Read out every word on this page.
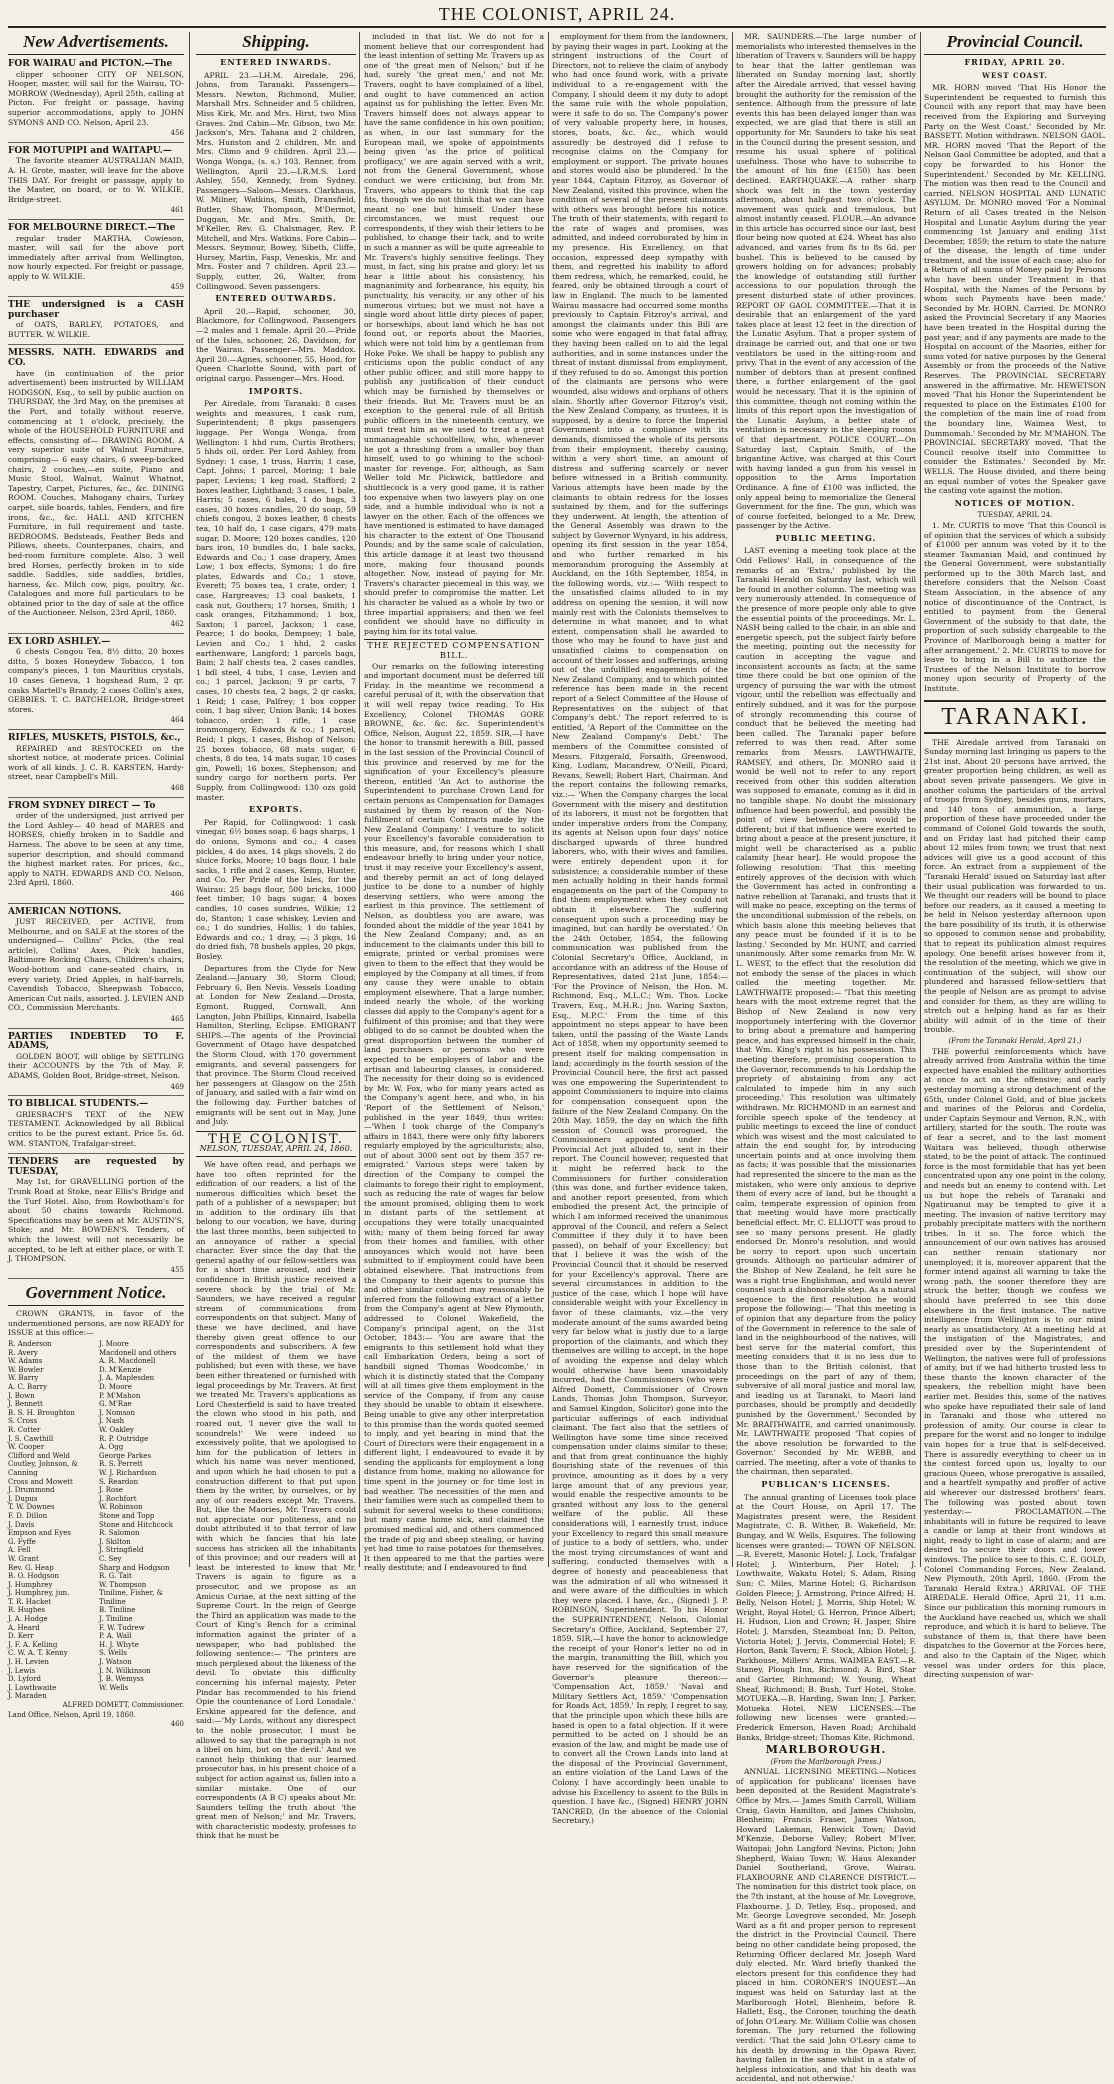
THE COLONIST, APRIL 24.
New Advertisements.
FOR WAIRAU and PICTON.—The

clipper schooner CITY OF NELSON, Hooper, master, will sail for the Wairau, TO-MORROW (Wednesday), April 25th, calling at Picton. For freight or passage, having superior accommodations, apply to JOHN SYMONS AND CO. Nelson, April 23.

456
FOR MOTUPIPI and WAITAPU.—

The favorite steamer AUSTRALIAN MAID, A. H. Grote, master, will leave for the above THIS DAY. For freight or passage, apply to the Master, on board, or to W. WILKIE, Bridge-street.

461
FOR MELBOURNE DIRECT.—The

regular trader MARTHA, Cowieson, master, will sail for the above port immediately after arrival from Wellington, now hourly expected. For freight or passage, apply to W. WILKIE.

459
THE undersigned is a CASH purchaser

of OATS, BARLEY, POTATOES, and BUTTER. W. WILKIE.

MESSRS. NATH. EDWARDS and CO.

have (in continuation of the prior advertisement) been instructed by WILLIAM HODGSON, Esq., to sell by public auction on THURSDAY, the 3rd May, on the premises at the Port, and totally without reserve, commencing at 1 o'clock, precisely, the whole of the HOUSEHOLD FURNITURE and effects, consisting of— DRAWING ROOM. A very superior suite of Walnut Furniture, comprising— 6 easy chairs, 6 sweep-backed chairs, 2 couches,—en suite, Piano and Music Stool, Walnut, Walnut Whatnot, Tapestry, Carpet, Pictures, &c., &c. DINING ROOM. Couches, Mahogany chairs, Turkey carpet, side boards, tables, Fenders, and fire irons, &c., &c. HALL AND KITCHEN Furniture, in full requirement and taste. BEDROOMS. Bedsteads, Feather Beds and Pillows, sheets, Counterpanes, chairs, and bed-room furniture complete. Also, 3 well bred Horses, perfectly broken in to side saddle. Saddles, side saddles, bridles, harness, &c. Milch cow, pigs, poultry, &c. Catalogues and more full particulars to be obtained prior to the day of sale at the office of the Auctioneer. Nelson, 23rd April, 1860.

462
EX LORD ASHLEY.—

6 chests Congou Tea, 8½ ditto, 20 boxes ditto, 5 boxes Honeydew Tobacco, 1 ton company's pieces, 1 ton Mauritius crystals, 10 cases Geneva, 1 hogshead Rum, 2 qr. casks Martell's Brandy, 2 cases Collin's axes, GEBBIES. T. C. BATCHELOR, Bridge-street stores.

464
RIFLES, MUSKETS, PISTOLS, &c.,

REPAIRED and RESTOCKED on the shortest notice, at moderate prices. Colinial work of all kinds. J. C. R. KARSTEN, Hardy-street, near Campbell's Mill.

468
FROM SYDNEY DIRECT — To

order of the undersigned, just arrived per the Lord Ashley— 40 head of MARES and HORSES, chiefly broken in to Saddle and Harness. The above to be seen at any time, superior description, and should command the highest market rates. For prices, &c., apply to NATH. EDWARDS AND CO. Nelson, 23rd April, 1860.

466
AMERICAN NOTIONS.

JUST RECEIVED, per ACTIVE, from Melbourne, and on SALE at the stores of the undersigned— Collins' Picks, (the real article), Collins' Axes, Pick handles, Baltimore Rocking Chairs, Children's chairs, Wood-bottom and cane-seated chairs, in every variety, Dried Apples, in half-barrels, Cavendish Tobacco, Sheepwash Tobacco, American Cut nails, assorted. J. LEVIEN AND CO., Commission Merchants.

465
PARTIES INDEBTED TO F. ADAMS,

GOLDEN BOOT, will oblige by SETTLING their ACCOUNTS by the 7th of May. F. ADAMS, Golden Boot, Bridge-street, Nelson.

469
TO BIBLICAL STUDENTS.—

GRIESBACH'S TEXT of the NEW TESTAMENT. Acknowledged by all Biblical critics to be the purest extant. Price 5s. 6d. WM. STANTON, Trafalgar-street.

TENDERS are requested by TUESDAY,

May 1st, for GRAVELLING portion of the Trunk Road at Stoke, near Ellis's Bridge and the Turf Hotel. Also, from Rowbotham's for about 50 chains towards Richmond. Specifications may be seen at Mr. AUSTIN'S, Stoke; and Mr. BOWDEN'S. Tenders, of which the lowest will not necessarily be accepted, to be left at either place, or with T. J. THOMPSON.

455
Government Notice.

CROWN GRANTS, in favor of the undermentioned persons, are now READY for ISSUE at this office:—

R. Anderson
R. Avery
W. Adams
W. Bowler
W. Barry
A. C. Barry
J. Bown
J. Bennett
B. S. H. Broughton
S. Cross
R. Cotter
J. S. Cawthill
W. Cooper
Clifford and Weld
Coutley, Johnson, & Canning
Cross and Mowett
J. Drummond
J. Dupus
T. W. Downes
F. D. Dillon
J. Davis
Empson and Eyes
G. Fyffe
A. Fell
W. Grant
Rev. G. Heap
B. O. Hodgson
J. Humphrey
J. Humphrey, jun.
T. R. Hacket
R. Hughes
J. A. Hodge
A. Heard
D. Kerr
J. F. A. Kelling
C. W. A. T. Kenny
J. H. Levien
J. Lewis
D. Lyford
J. Lowthwaite
J. Maraden
J. Moore
Macdonell and others
A. R. Macdonell
D. M'Kenzie
J. A. Maplesden
D. Moore
P. M'Mahon
G. M'Rae
J. Nomson
J. Nash
W. Oakley
R. P. Outridge
A. Ogg
George Parkes
R. S. Perrett
W. J. Richardson
S. Reardon
J. Rose
J. Rochfort
W. Robinson
Stone and Topp
Stone and Hitchcock
R. Salomon
J. Skilton
J. Stringfield
C. Sey
Sharp and Hodgson
R. G. Tait
W. Thompson
Tiniline, Fisher, & Tiniline
B. Tiniline
J. Tiniline
F. W. Tudrew
P. A. Wall
H. J. Whyte
S. Wells
J. Watson
J. N. Wilkinson
J. B. Wemyss
W. Wells
ALFRED DOMETT, Commissioner.
Land Office, Nelson, April 19, 1860.
460
Shipping.
ENTERED INWARDS.

APRIL 23.—LH.M. Airedale, 296, Johns, from Taranaki. Passengers—Messrs. Newton, Richmond, Mulier, Marshall Mrs. Schneider and 5 children, Miss Kirk, Mr. and Mrs. Hirst, two Miss Graves. 2nd Cabin—Mr. Gibson, two Mr. Jackson's, Mrs. Tahana and 2 children, Mrs. Hunston and 2 children, Mr. and Mrs. Climo and 9 children. April 23.—Wonga Wonga, (s. s.) 103, Renner, from Wellington. April 23.—I.R.M.S. Lord Ashley, 550, Kennedy, from Sydney. Passengers—Saloon—Messrs. Clarkhaus, W. Milner, Watkins, Smith, Dransfield, Butler, Shaw, Thompson, M'Dermot, Duggan, Mr. and Mrs. Smith, Dr. M'Keller, Rev. G. Chalsmager, Rev. P. Mitchell, and Mrs. Watkins. Fore Cabin—Messrs. Seymour, Bowey, Sibeth, Cliffe, Hursey, Martin, Fasp, Veneskis, Mr. and Mrs. Foster and 7 children. April 23.—Supply, cutter, 26, Walter, from Collingwood. Seven passengers.

ENTERED OUTWARDS.

April 20.—Rapid, schooner, 30, Blackmore, for Collingwood. Passengers—2 males and 1 female. April 20.—Pride of the Isles, schooner, 26, Davidson, for the Wairau. Passenger—Mrs. Maddox. April 20.—Agnes, schooner, 55, Hood, for Queen Charlotte Sound, with part of original cargo. Passenger—Mrs. Hood.

IMPORTS.

Per Airedale, from Taranaki: 8 cases weights and measures, 1 cask rum, Superintendent; 8 pkgs passengers luggage. Per Wonga Wonga, from Wellington: 1 hhd rum, Curtis Brothers; 5 hhds oil, order. Per Lord Ashley, from Sydney: 1 case, 1 truss, Harris; 1 case, Capt. Johns; 1 parcel, Moring; 1 bale paper, Leviens; 1 keg road, Stafford; 2 boxes leather, Lightband; 3 cases, 1 bale, Harris; 5 cases, 6 bales, 1 do bags, 3 cases, 30 boxes candles, 20 do soap, 59 chiefs congou, 2 boxes leather, 8 chests tea, 10 half do, 1 case cigars, 479 mats sugar, D. Moore; 120 boxes candles, 120 bars iron, 10 bundles do, 1 bale sacks, Edwards and Co.; 1 case drapery, Ames Low; 1 box effects, Symons; 1 do fire plates, Edwards and Co.; 1 stove, Everett; 75 boxes tea, 1 crate, order; 1 case, Hargreaves; 13 coal baskets, 1 cask nut, Gouthers; 17 horses, Smith; 1 cask oranges, Fitzhammond; 1 box, Saxton; 1 parcel, Jackson; 1 case, Pearce; 1 do books, Dempsey; 1 bale, Levien and Co.; 1 hhd, 2 casks earthenware, Langford; 1 parcels bags, Bain; 2 half chests tea, 2 cases candles, 1 bdl steel, 4 tubs, 1 case, Levien and co.; 1 parcel, Jackson; 9 pr carts, 7 cases, 10 chests tea, 2 bags, 2 qr casks, 1 Reid; 1 case, Palfrey; 1 box copper coin, 1 bag silver, Union Bank; 14 boxes tobacco, order; 1 rifle, 1 case ironmongery, Edwards & co.; 1 parcel, Reid; 1 pkgs, 1 cases, Bishop of Nelson; 25 boxes tobacco, 68 mats sugar, 6 chests, 8 do tea, 14 mats sugar, 10 cases gin, Powell; 16 boxes, Stephenson; and sundry cargo for northern ports. Per Supply, from Collingwood: 130 ozs gold master.

EXPORTS.

Per Rapid, for Collingwood: 1 cask vinegar, 6½ boxes soap, 6 bags sharps, 1 do onions, Symons and co.; 4 cases pickles, 4 do axes, 14 pkgs shovels, 2 do sluice forks, Moore; 10 bags flour, 1 bale sacks, 1 rifle and 2 cases, Kemp, Hunter, and Co. Per Pride of the Isles, for the Wairau: 25 bags flour, 500 bricks, 1000 feet timber, 10 bags sugar, 4 boxes candles, 10 cases sundries, Wilkie; 12 do, Stanton; 1 case whiskey, Levien and co.; 1 do sundries, Hollis; 1 do tables, Edwards and co.; 1 dray, —; 3 pkgs, 16 do dried fish, 78 bushels apples, 20 pkgs, Bosley.

Departures from the Clyde for New Zealand.—January 30, Storm Cloud; February 6, Ben Nevis. Vessels Loading at London for New Zealand.—Drosta, Egmont, Rugged, Cornwall, Ann Langton, John Phillips, Kinnaird, Isabella Hamilton, Sterling, Eclipse. EMIGRANT SHIPS.—The agents of the Provincial Government of Otago have despatched the Storm Cloud, with 170 government emigrants, and several passengers for that province. The Storm Cloud received her passengers at Glasgow on the 25th of January, and sailed with a fair wind on the following day. Further batches of emigrants will be sent out in May, June and July.

THE COLONIST.
NELSON, TUESDAY, APRIL 24, 1860.

We have often read, and perhaps we have too often reprinted for the edification of our readers, a list of the numerous difficulties which beset the path of a publisher of a newspaper; but in addition to the ordinary ills that belong to our vocation, we have, during the last three months, been subjected to an annoyance of rather a special character. Ever since the day that the general apathy of our fellow-settlers was for a short time aroused, and their confidence in British justice received a severe shock by the trial of Mr. Saunders, we have received a regular stream of communications from correspondents on that subject. Many of these we have declined, and have thereby given great offence to our correspondents and subscribers. A few of the mildest of them we have published; but even with these, we have been either threatened or furnished with legal proceedings by Mr. Travers. At first we treated Mr. Travers's applications as Lord Chesterfield is said to have treated the clown who stood in his path, and roared out, 'I never give the wall to scoundrels!' We were indeed so excessively polite, that we apologised to him for the publication of letters in which his name was never mentioned, and upon which he had chosen to put a construction different to that put upon them by the writer, by ourselves, or by any of our readers except Mr. Travers. But, like the Maories, Mr. Travers could not appreciate our politeness, and no doubt attributed it to that terror of law with which he fancies that his late success has stricken all the inhabitants of this province; and our readers will at least be interested to know that Mr. Travers is again to figure as a prosecutor, and we propose as an Amicus Curiae, at the next sitting of the Supreme Court. In the reign of George the Third an application was made to the Court of King's Bench for a criminal information against the printer of a newspaper, who had published the following sentence:— 'The printers are much perplexed about the likeness of the devil. To obviate this difficulty concerning his infernal majesty, Peter Pindar has recommended to his friend Opie the countenance of Lord Lonsdale.' Erskine appeared for the defence, and said:—'My Lords, without any disrespect to the noble prosecutor, I must be allowed to say that the paragraph is not a libel on him, but on the devil.' And we cannot help thinking that our learned prosecutor has, in his present choice of a subject for action against us, fallen into a similar mistake. One of our correspondents (A B C) speaks about Mr. Saunders telling the truth about 'the great men of Nelson;' and Mr. Travers, with characteristic modesty, professes to think that he must be

included in that list. We do not for a moment believe that our correspondent had the least intention of setting Mr. Travers up as one of 'the great men of Nelson;' but if he had, surely 'the great men,' and not Mr. Travers, ought to have complained of a libel, and ought to have commenced an action against us for publishing the letter. Even Mr. Travers himself does not always appear to have the same confidence in his own position; as when, in our last summary for the European mail, we spoke of appointments being given 'as the price of political profligacy,' we are again served with a writ, not from the General Government, whose conduct we were criticising, but from Mr. Travers, who appears to think that the cap fits, though we do not think that we can have meant no one but himself. Under these circumstances, we must request our correspondents, if they wish their letters to be published, to change their tack, and to write in such a manner as will be quite agreeable to Mr. Travers's highly sensitive feelings. They must, in fact, sing his praise and glory: let us hear a little about his consistency, his magnanimity and forbearance, his equity, his punctuality, his veracity, or any other of his numerous virtues; but we must not have a single word about little dirty pieces of paper, or horsewhips, about land which he has not found out, or reports about the Maories, which were not told him by a gentleman from Hoke Poke. We shall be happy to publish any criticisms upon the public conduct of any other public officer, and still more happy to publish any justification of their conduct which may be furnished by themselves or their friends. But Mr. Travers must be an exception to the general rule of all British public officers in the nineteenth century, we must treat him as we used to treat a great unmanageable schoolfellow, who, whenever he got a thrashing from a smaller boy than himself, used to go whining to the school-master for revenge. For, although, as Sam Weller told Mr. Pickwick, battledore and shuttlecock is a very good game, it is rather too expensive when two lawyers play on one side, and a humble individual who is not a lawyer on the other. Each of the offences we have mentioned is estimated to have damaged his character to the extent of One Thousand Pounds; and by the same scale of calculation, this article damage it at least two thousand more, making four thousand pounds altogether. Now, instead of paying for Mr. Travers's character piecemeal in this way, we should prefer to compromise the matter. Let his character be valued as a whole by two or three impartial appraisers; and then we feel confident we should have no difficulty in paying him for its total value.

THE REJECTED COMPENSATION BILL.

Our remarks on the following interesting and important document must be deferred till Friday. In the meantime we recommend a careful perusal of it, with the observation that it will well repay twice reading. To His Excellency, Colonel THOMAS GORE BROWNE, &c. &c. &c. Superintendent's Office, Nelson, August 22, 1859. SIR,—I have the honor to transmit herewith a Bill, passed in the last session of the Provincial Council of this province and reserved by me for the signification of your Excellency's pleasure thereon, entitled 'An Act to authorise the Superintendent to purchase Crown Land for certain persons as Compensation for Damages sustained by them by reason of the Non-fulfilment of certain Contracts made by the New Zealand Company.' I venture to solicit your Excellency's favorable consideration to this measure, and, for reasons which I shall endeavour briefly to bring under your notice, trust it may receive your Excellency's assent, and thereby permit an act of long delayed justice to be done to a number of highly deserving settlers, who were among the earliest in this province. The settlement of Nelson, as doubtless you are aware, was founded about the middle of the year 1841 by the New Zealand Company; and, as an inducement to the claimants under this bill to emigrate, printed or verbal promises were given to them to the effect that they would be employed by the Company at all times, if from any cause they were unable to obtain employment elsewhere. That a large number, indeed nearly the whole, of the working classes did apply to the Company's agent for a fulfilment of this promise; and that they were obliged to do so cannot be doubted when the great disproportion between the number of land purchasers or persons who were expected to be employers of labor and the artisan and labouring classes, is considered. The necessity for their doing so is evidenced by Mr. W. Fox, who for many years acted as the Company's agent here, and who, in his 'Report of the Settlement of Nelson,' published in the year 1849, thus writes:—'When I took charge of the Company's affairs in 1843, there were only fifty laborers regularly employed by the agriculturists; also, out of about 3000 sent out by them 357 re-emigrated.' Various steps were taken by direction of the Company to compel the claimants to forego their right to employment, such as reducing the rate of wages far below the amount promised, obliging them to work in distant parts of the settlement at occupations they were totally unacquainted with; many of them being forced far away from their homes and families, with other annoyances which would not have been submitted to if employment could have been obtained elsewhere. That instructions from the Company to their agents to pursue this and other similar conduct may reasonably be inferred from the following extract of a letter from the Company's agent at New Plymouth, addressed to Colonel Wakefield, the Company's principal agent, on the 31st October, 1843:— 'You are aware that the emigrants to this settlement hold what they call Embarkation Orders, being a sort of handbill signed 'Thomas Woodcombe,' in which it is distinctly stated that the Company will at all times give them employment in the service of the Company, if from any cause they should be unable to obtain it elsewhere. Being unable to give any other interpretation to this promise than the words quoted seemed to imply, and yet bearing in mind that the Court of Directors were their engagement in a different light, I endeavoured to evade it by sending the applicants for employment a long distance from home, making no allowance for time spent in the journey or for time lost in bad weather. The necessities of the men and their families were such as compelled them to submit for several weeks to these conditions; but many came home sick, and claimed the promised medical aid, and others commenced the trade of pig and sheep stealing, or having yet had time to raise potatoes for themselves. It then appeared to me that the parties were really destitute; and I endeavoured to find

employment for them from the landowners, by paying their wages in part. Looking at the stringent instructions of the Court of Directors, not to relieve the claim of anybody who had once found work, with a private individual to a re-engagement with the Company, I should deem it my duty to adopt the same rule with the whole population, were it safe to do so. The Company's power of very valuable property here, in houses, stores, boats, &c. &c., which would assuredly be destroyed did I refuse to recognise claims on the Company for employment or support. The private houses and stores would also be plundered.' In the year 1844, Captain Fitzroy, as Governor of New Zealand, visited this province, when the condition of several of the present claimants with others was brought before his notice. The truth of their statements, with regard to the rate of wages and promises, was admitted, and indeed corroborated by him in my presence. His Excellency, on that occasion, expressed deep sympathy with them, and regretted his inability to afford them redress, which, he remarked, could, he feared, only be obtained through a court of law in England. The much to be lamented Wairau massacre had occurred some months previously to Captain Fitzroy's arrival, and amongst the claimants under this Bill are some who were engaged in that fatal affray, they having been called on to aid the legal authorities, and in some instances under the threat of instant dismissal from employment, if they refused to do so. Amongst this portion of the claimants are persons who were wounded, also widows and orphans of others slain. Shortly after Governor Fitzroy's visit, the New Zealand Company, as trustees, it is supposed, by a desire to force the Imperial Government into a compliance with its demands, dismissed the whole of its persons from their employment, thereby causing, within a very short time, an amount of distress and suffering scarcely or never before witnessed in a British community. Various attempts have been made by the claimants to obtain redress for the losses sustained by them, and for the sufferings they underwent. At length, the attention of the General Assembly was drawn to the subject by Governor Wynyard, in his address, opening its first session in the year 1854, and who further remarked in his memorandum proroguing the Assembly at Auckland, on the 16th September, 1854, in the following words, viz.:— 'With respect to the unsatisfied claims alluded to in my address on opening the session, it will now mainly rest with the Colonists themselves to determine in what manner, and to what extent, compensation shall be awarded to those who may be found to have just and unsatisfied claims to compensation on account of their losses and sufferings, arising out of the unfulfilled engagements of the New Zealand Company, and to which pointed reference has been made in the recent report of a Select Committee of the House of Representatives on the subject of that Company's debt.' The report referred to is entitled, 'A Report of the Committee on the New Zealand Company's Debt.' The members of the Committee consisted of Messrs. Fitzgerald, Forsaith, Greenwood, King, Ludlam, Macandrew, O'Neill, Picard, Revans, Sewell; Robert Hart, Chairman. And the report contains the following remarks, viz.:— 'When the Company charges the local Government with the misery and destitution of its laborers, it must not be forgotten that under imperative orders from the Company, its agents at Nelson upon four days' notice discharged upwards of three hundred laborers, who, with their wives and families, were entirely dependent upon it for subsistence; a considerable number of these men actually holding in their hands formal engagements on the part of the Company to find them employment when they could not obtain it elsewhere. The suffering consequent upon such a proceeding may be imagined, but can hardly be overstated.' On the 24th October, 1854, the following communication was published from the Colonial Secretary's Office, Auckland, in accordance with an address of the House of Representatives, dated 21st June, 1854:— 'For the Province of Nelson, the Hon. M. Richmond, Esq., M.L.C.; Wm. Thos. Locke Travers, Esq., M.H.R.; Jno. Waring Saxton, Esq., M.P.C.' From the time of this appointment no steps appear to have been taken, until the passing of the Waste Lands Act of 1858, when my opportunity seemed to present itself for making compensation in land; accordingly in the fourth session of the Provincial Council here, the first act passed was one empowering the Superintendent to appoint Commissioners to inquire into claims for compensation consequent upon the failure of the New Zealand Company. On the 20th May, 1859, the day on which the fifth session of Council was prorogued, the Commissioners appointed under the Provincial Act just alluded to, sent in their report. The Council however, requested that it might be referred back to the Commissioners for further consideration (this was done, and further evidence taken, and another report presented, from which embodied the present Act, the principle of which I am informed received the unanimous approval of the Council, and refers a Select Committee if they duly it to have been passed), on behalf of your Excellency; but that I believe it was the wish of the Provincial Council that it should be reserved for your Excellency's approval. There are several circumstances in addition to the justice of the case, which I hope will have considerable weight with your Excellency in favor of these claimants, viz.—the very moderate amount of the sums awarded being very far below what is justly due to a large proportion of the claimants, and which they themselves are willing to accept, in the hope of avoiding the expense and delay which would otherwise have been unavoidably incurred, had the Commissioners (who were Alfred Domett, Commissioner of Crown Lands, Thomas John Thompson, Surveyor, and Samuel Kingdon, Solicitor) gone into the particular sufferings of each individual claimant. The fact also that the settlers of Wellington have some time since received compensation under claims similar to these; and that from great continuance the highly flourishing state of the revenues of this province, amounting as it does by a very large amount that of any previous year, would enable the respective amounts to be granted without any loss to the general welfare of the public. All these considerations will, I earnestly trust, induce your Excellency to regard this small measure of justice to a body of settlers, who, under the most trying circumstances of want and suffering, conducted themselves with a degree of honesty and peaceableness that was the admiration of all who witnessed it and were aware of the difficulties in which they were placed. I have, &c., (Signed) J. P. ROBINSON, Superintendent. To his Honor the SUPERINTENDENT, Nelson. Colonial Secretary's Office, Auckland, September 27, 1859. SIR,—I have the honor to acknowledge the receipt of your Honor's letter no od in the margin, transmitting the Bill, which you have reserved for the signification of the Governor's pleasure thereon:— 'Compensation Act, 1859.' 'Naval and Military Settlers Act, 1859.' 'Compensation for Roads Act, 1859.' In reply, I regret to say, that the principle upon which these bills are based is open to a fatal objection. If it were permitted to be acted on I should be an evasion of the law, and might be made use of to convert all the Crown Lands into land at the disposal of the Provincial Government, an entire violation of the Land Laws of the Colony. I have accordingly been unable to advise his Excellency to assent to the Bills in question. I have &c., (Signed) HENRY JOHN TANCRED, (In the absence of the Colonial Secretary.)

MR. SAUNDERS.—The large number of memorialists who interested themselves in the liberation of Travers v. Saunders will be happy to hear that the latter gentleman was liberated on Sunday morning last, shortly after the Airedale arrived, that vessel having brought the authority for the remission of the sentence. Although from the pressure of late events this has been delayed longer than was expected, we are glad that there is still an opportunity for Mr. Saunders to take his seat in the Council during the present session, and resume his usual sphere of political usefulness. Those who have to subscribe to the amount of his fine (£150) has been declined. EARTHQUAKE.—A rather sharp shock was felt in the town yesterday afternoon, about half-past two o'clock. The movement was quick and tremulous, but almost instantly ceased. FLOUR.—An advance in this article has occurred since our last, best flour being now quoted at £24. Wheat has also advanced, and varies from 8s to 8s 6d. per bushel. This is believed to be caused by growers holding on for advances; probably the knowledge of outstanding still further accessions to our population through the present disturbed state of other provinces. REPORT OF GAOL COMMITTEE.—That it is desirable that an enlargement of the yard takes place at least 12 feet in the direction of the Lunatic Asylum. That a proper system of drainage be carried out, and that one or two ventilators be used in the sitting-room and privy. That in the event of any accession of the number of debtors than at present confined there, a further enlargement of the gaol would be necessary. That it is the opinion of this committee, though not coming within the limits of this report upon the investigation of the Lunatic Asylum, a better state of ventilation is necessary in the sleeping rooms of that department. POLICE COURT.—On Saturday last, Captain Smith, of the brigantine Active, was charged at this Court with having landed a gun from his vessel in opposition to the Arms Importation Ordinance. A fine of £100 was inflicted, the only appeal being to memorialize the General Government for the fine. The gun, which was of course forfeited, belonged to a Mr. Drew, passenger by the Active.

PUBLIC MEETING.

LAST evening a meeting took place at the Odd Fellows' Hall, in consequence of the remarks of an 'Extra,' published by the Taranaki Herald on Saturday last, which will be found in another column. The meeting was very numerously attended. In consequence of the presence of more people only able to give the essential points of the proceedings. Mr. L. NASH being called to the chair, in an able and energetic speech, put the subject fairly before the meeting, pointing out the necessity for caution in accepting the vague and inconsistent accounts as facts; at the same time there could be but one opinion of the urgency of pursuing the war with the utmost vigour, until the rebellion was effectually and entirely subdued, and it was for the purpose of strongly recommending this course of conduct that he believed the meeting had been called. The Taranaki paper before referred to was then read. After some remarks from Messrs. LAWTHWAITE, RAMSEY, and others, Dr. MONRO said it would be well not to refer to any report received from other this sudden alteration was supposed to emanate, coming as it did in no tangible shape. No doubt the missionary influence had been powerful, and possibly the point of view between them would be different; but if that influence were exerted to bring about a peace at the present juncture, it might well be characterised as a public calamity [hear hear]. He would propose the following resolution: 'That this meeting entirely approves of the decision with which the Government has acted in confronting a native rebellion at Taranaki, and trusts that it will make no peace, excepting on the terms of the unconditional submission of the rebels, on which basis alone this meeting believes that any peace must be founded if it is to be lasting.' Seconded by Mr. HUNT, and carried unanimously. After some remarks from Mr. W. L. WEST, to the effect that the resolution did not embody the sense of the places in which called the meeting together. Mr. LAWTHWAITE proposed:— 'That this meeting hears with the most extreme regret that the Bishop of New Zealand is now very inopportunely interfering with the Governor to bring about a premature and hampering peace, and has expressed himself in the chair, that Wm. King's right is his possession. This meeting therefore, promising cooperation to the Governor, recommends to his Lordship the propriety of abstaining from any act calculated to impede him in any such proceeding.' This resolution was ultimately withdrawn. Mr. RICHMOND in an earnest and forcible speech spoke of the tendency at public meetings to exceed the line of conduct which was wisest and the most calculated to attain the end sought for, by introducing uncertain points and at once involving them as facts; it was possible that the missionaries had represented the sincere to the man as the mistaken, who were only anxious to deprive them of every acre of land, but he thought a calm, temperate expression of opinion from that meeting would have more practically beneficial effect. Mr. C. ELLIOTT was proud to see so many persons present. He gladly endorsed Dr. Monro's resolution, and would be sorry to report upon such uncertain grounds. Although no particular admirer of the Bishop of New Zealand, he felt sure he was a right true Englishman, and would never counsel such a dishonorable step. As a natural sequence to the first resolution he would propose the following:— 'That this meeting is of opinion that any departure from the policy of the Government in reference to the sale of land in the neighbourhood of the natives, will best serve for the material comfort, this meeting considers that it is no less due to those than to the British colonist, that proceedings on the part of any of them, subversive of all moral justice and moral law, and leading us at Taranaki, to Maori land purchases, should be promptly and decidedly punished by the Government.' Seconded by Mr. BRAITHWAITE, and carried unanimously. Mr. LAWTHWAITE proposed 'That copies of the above resolution be forwarded to the Governor.' Seconded by Mr. WEBB, and carried. The meeting, after a vote of thanks to the chairman, then separated.

PUBLICAN'S LICENSES.

The annual granting of Licenses took place at the Court House, on April 17. The Magistrates present were, the Resident Magistrate, C. B. Wither, B. Wakefield, Mr. Bungay, and W. Wells, Esquires. The following licenses were granted:— TOWN OF NELSON.—R. Everett, Masonic Hotel; J. Lock, Trafalgar Hotel; J. Winterburn, Pier Hotel; J. Lowthwaite, Wakatu Hotel; S. Adam, Rising Sun; C. Miles, Marine Hotel; G. Richardson Golden Fleece; J. Armstrong, Prince Alfred; H. Belly, Nelson Hotel; J. Morris, Ship Hotel; W. Wright, Royal Hotel; G. Herron, Prince Albert; H. Hudson, Lion and Crown; H. Jasper, Shire Hotel; J. Marsden, Steamboat Inn; D. Pelton, Victoria Hotel; J. Jervis, Commercial Hotel; F. Horton, Bank Tavern; F. Stock, Albion Hotel; J. Parkhouse, Millers' Arms. WAIMEA EAST.—R. Staney, Plough Inn, Richmond; A. Bird, Star and Garter, Richmond; W. Young, Wheat Sheaf, Richmond; B. Bush, Turf Hotel, Stoke. MOTUEKA.—B. Harding, Swan Inn; J. Parker, Motueka Hotel. NEW LICENSES.—The following new licenses were granted:—Frederick Emerson, Haven Road; Archibald Banks, Bridge-street; Thomas Kite, Richmond.

MARLBOROUGH.
(From the Marlborough Press.)

ANNUAL LICENSING MEETING.—Notices of application for publicans' licenses have been deposited at the Resident Magistrate's Office by Mrs.— James Smith Carroll, William Craig, Gavin Hamilton, and James Chisholm, Blenheim; Francis Fraser, James Watson, Howard Lakeman, Renwick Town; David M'Kenzie, Deborse Valley; Robert M'Iver, Waitopai; John Langford Nevins, Picton; John Shepherd, Waiau Town; W. Haus Alexander Daniel Southerland, Grove, Wairau. FLAXBOURNE AND CLARENCE DISTRICT.—The nomination for this district took place, on the 7th instant, at the house of Mr. Lovegrove, Flaxbourne. J. D. Tetley, Esq., proposed, and Mr. George Lovegrove seconded, Mr. Joseph Ward as a fit and proper person to represent the district in the Provincial Council. There being no other candidate being proposed, the Returning Officer declared Mr. Joseph Ward duly elected. Mr. Ward briefly thanked the electors present for this confidence they had placed in him. CORONER'S INQUEST.—An inquest was held on Saturday last at the Marlborough Hotel, Blenheim, before R. Hallett, Esq., the Coroner, touching the death of John O'Leary. Mr. William Collie was chosen foreman. The jury returned the following verdict: 'That the said John O'Leary came to his death by drowning in the Opawa River, having fallen in the same whilst in a state of helpless intoxication, and that his death was accidental, and not otherwise.'

Provincial Council.
FRIDAY, APRIL 20.
WEST COAST.

MR. HORN moved 'That His Honor the Superintendent be requested to furnish this Council with any report that may have been received from the Exploring and Surveying Party on the West Coast.' Seconded by Mr. BASSETT. Motion withdrawn. NELSON GAOL. MR. HORN moved 'That the Report of the Nelson Gaol Committee be adopted, and that a copy be forwarded to his Honor the Superintendent.' Seconded by Mr. KELLING. The motion was then read to the Council and carried. NELSON HOSPITAL AND LUNATIC ASYLUM. Dr. MONRO moved 'For a Nominal Return of all Cases treated in the Nelson Hospital and Lunatic Asylum during the year commencing 1st January and ending 31st December, 1859; the return to state the nature of the disease, the length of time under treatment, and the issue of each case; also for a Return of all sums of Money paid by Persons who have been under Treatment in that Hospital, with the Names of the Persons by whom such Payments have been made.' Seconded by Mr. HORN. Carried. Dr. MONRO asked the Provincial Secretary if any Maories have been treated in the Hospital during the past year; and if any payments are made to the Hospital on account of the Maories, either for sums voted for native purposes by the General Assembly or from the proceeds of the Native Reserves. The PROVINCIAL SECRETARY answered in the affirmative. Mr. HEWETSON moved 'That his Honor the Superintendent be requested to place on the Estimates £100 for the completion of the main line of road from the boundary line, Waimea West, to Dummomah.' Seconded by Mr. M'MAHON. The PROVINCIAL SECRETARY moved, 'That the Council resolve itself into Committee to consider the Estimates.' Seconded by Mr. WELLS. The House divided, and there being an equal number of votes the Speaker gave the casting vote against the motion.

NOTICES OF MOTION.
TUESDAY, APRIL 24.

1. Mr. CURTIS to move 'That this Council is of opinion that the services of which a subsidy of £1000 per annum was voted by it to the steamer Tasmanian Maid, and continued by the General Government, were substantially performed up to the 30th March last, and therefore considers that the Nelson Coast Steam Association, in the absence of any notice of discontinuance of the Contract, is entitled to payment from the General Government of the subsidy to that date, the proportion of such subsidy chargeable to the Province of Marlborough being a matter for after arrangement.' 2. Mr. CURTIS to move for leave to bring in a Bill to authorize the Trustees of the Nelson Institute to borrow money upon security of Property of the Institute.

TARANAKI.

THE Airedale arrived from Taranaki on Sunday morning last bringing us papers to the 21st inst. About 20 persons have arrived, the greater proportion being children, as well as about seven private passengers. We give in another column the particulars of the arrival of troops from Sydney, besides guns, mortars, and 140 tons of ammunition, a large proportion of these have proceeded under the command of Colonel Gold towards the south, and on Friday last had pitched their camp about 12 miles from town; we trust that next advices will give us a good account of this force. An extract from a supplement of the 'Taranaki Herald' issued on Saturday last after their usual publication was forwarded to us. We thought our readers will be bound to place before our readers, as it caused a meeting to be held in Nelson yesterday afternoon upon the bare possibility of its truth, it is otherwise so opposed to common sense and probability, that to repeat its publication almost requires apology. One benefit arises however from it, the resolution of the meeting, which we give in continuation of the subject, will show our plundered and harassed fellow-settlers that the people of Nelson are as prompt to advise and consider for them, as they are willing to stretch out a helping hand as far as their ability will admit of in the time of their trouble.

(From the Taranaki Herald, April 21.)

THE powerful reinforcements which have already arrived from Australia within the time expected have enabled the military authorities at once to act on the offensive; and early yesterday morning a strong detachment of the 65th, under Colonel Gold, and of blue jackets and marines of the Pelorus and Cordelia, under Captain Seymour and Vernon, R.N., with artillery, started for the south. The route was of fear a secret, and to the last moment Waitara was believed, though otherwise stated, to be the point of attack. The continued force is the most formidable that has yet been concentrated upon any one point in the colony, and needs but an enemy to contend with. Let us but hope the rebels of Taranaki and Ngatiruanui may be tempted to give it a meeting. The invasion of native territory may probably precipitate matters with the northern tribes. In it so. The force which the announcement of our own natives has aroused can neither remain stationary nor unemployed; it is, moreover apparent that the former intend against all warning to take the wrong path, the sooner therefore they are struck the better, though we confess we should have preferred to see this done elsewhere in the first instance. The native intelligence from Wellington is to our mind nearly as unsatisfactory. At a meeting held at the instigation of the Magistrates, and presided over by the Superintendent of Wellington, the natives were full of professions of amity, but if we had hitherto trusted less to these thanto the known character of the speakers, the rebellion might have been earlier met. Besides this, some of the natives who spoke have repudiated their sale of land in Taranaki and those who uttered no profession of amity. Our course is clear to prepare for the worst and no longer to indulge vain hopes for a true that is self-deceived. There is assuredly everything to cheer us in the contest forced upon us, loyalty to our gracious Queen, whose prerogative is assailed, and a heartfelt sympathy and proffer of active aid wherever our distressed brothers' fears. The following was posted about town yesterday:— PROCLAMATION.—The inhabitants will in future be required to leave a candle or lamp at their front windows at night, ready to light in case of alarm; and are desired to secure their doors and lower windows. The police to see to this. C. E. GOLD, Colonel Commanding Forces, New Zealand. New Plymouth, 20th April, 1860. (From the Taranaki Herald Extra.) ARRIVAL OF THE AIREDALE. Herald Office, April 21, 11 a.m. Since our publication this morning rumours in the Auckland have reached us, which we shall reproduce, and which it is hard to believe. The substance of them is, that there have been dispatches to the Governor at the Forces here, and also to the Captain of the Niger, which vessel was under orders for this place, directing suspension of war-
